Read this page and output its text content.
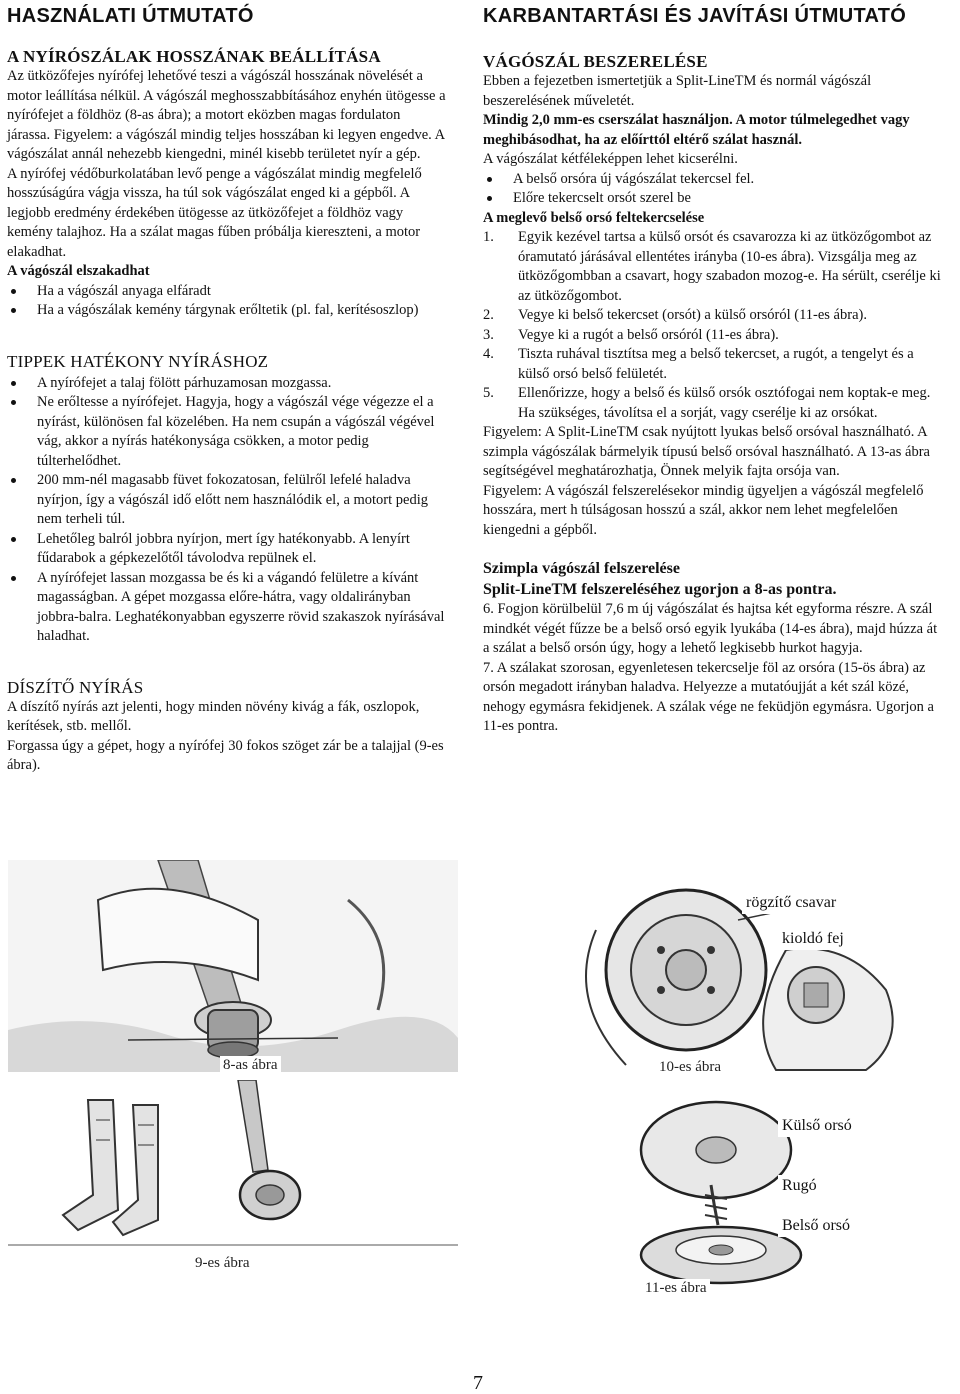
HASZNÁLATI ÚTMUTATÓ
A NYÍRÓSZÁLAK HOSSZÁNAK BEÁLLÍTÁSA

Az ütközőfejes nyírófej lehetővé teszi a vágószál hosszának növelését a motor leállítása nélkül. A vágószál meghosszabbításához enyhén ütögesse a nyírófejet a földhöz (8-as ábra); a motort eközben magas fordulaton járassa. Figyelem: a vágószál mindig teljes hosszában ki legyen engedve. A vágószálat annál nehezebb kiengedni, minél kisebb területet nyír a gép.

A nyírófej védőburkolatában levő penge a vágószálat mindig megfelelő hosszúságúra vágja vissza, ha túl sok vágószálat enged ki a gépből. A legjobb eredmény érdekében ütögesse az ütközőfejet a földhöz vagy kemény talajhoz. Ha a szálat magas fűben próbálja kiereszteni, a motor elakadhat.

A vágószál elszakadhat

Ha a vágószál anyaga elfáradt
Ha a vágószálak kemény tárgynak erőltetik (pl. fal, kerítésoszlop)
TIPPEK HATÉKONY NYÍRÁSHOZ
A nyírófejet a talaj fölött párhuzamosan mozgassa.
Ne erőltesse a nyírófejet. Hagyja, hogy a vágószál vége végezze el a nyírást, különösen fal közelében. Ha nem csupán a vágószál végével vág, akkor a nyírás hatékonysága csökken, a motor pedig túlterhelődhet.
200 mm-nél magasabb füvet fokozatosan, felülről lefelé haladva nyírjon, így a vágószál idő előtt nem használódik el, a motort pedig nem terheli túl.
Lehetőleg balról jobbra nyírjon, mert így hatékonyabb. A lenyírt fűdarabok a gépkezelőtől távolodva repülnek el.
A nyírófejet lassan mozgassa be és ki a vágandó felületre a kívánt magasságban. A gépet mozgassa előre-hátra, vagy oldalirányban jobbra-balra. Leghatékonyabban egyszerre rövid szakaszok nyírásával haladhat.
DÍSZÍTŐ NYÍRÁS

A díszítő nyírás azt jelenti, hogy minden növény kivág a fák, oszlopok, kerítések, stb. mellől.

Forgassa úgy a gépet, hogy a nyírófej 30 fokos szöget zár be a talajjal (9-es ábra).

KARBANTARTÁSI ÉS JAVÍTÁSI ÚTMUTATÓ
VÁGÓSZÁL BESZERELÉSE

Ebben a fejezetben ismertetjük a Split-LineTM és normál vágószál beszerelésének műveletét.

Mindig 2,0 mm-es cserszálat használjon. A motor túlmelegedhet vagy meghibásodhat, ha az előírttól eltérő szálat használ.

A vágószálat kétféleképpen lehet kicserélni.

A belső orsóra új vágószálat tekercsel fel.
Előre tekercselt orsót szerel be

A meglevő belső orsó feltekercselése

1. Egyik kezével tartsa a külső orsót és csavarozza ki az ütközőgombot az óramutató járásával ellentétes irányba (10-es ábra). Vizsgálja meg az ütközőgombban a csavart, hogy szabadon mozog-e. Ha sérült, cserélje ki az ütközőgombot.
2. Vegye ki belső tekercset (orsót) a külső orsóról (11-es ábra).
3. Vegye ki a rugót a belső orsóról (11-es ábra).
4. Tiszta ruhával tisztítsa meg a belső tekercset, a rugót, a tengelyt és a külső orsó belső felületét.
5. Ellenőrizze, hogy a belső és külső orsók osztófogai nem koptak-e meg. Ha szükséges, távolítsa el a sorját, vagy cserélje ki az orsókat.

Figyelem: A Split-LineTM csak nyújtott lyukas belső orsóval használható. A szimpla vágószálak bármelyik típusú belső orsóval használható. A 13-as ábra segítségével meghatározhatja, Önnek melyik fajta orsója van.

Figyelem: A vágószál felszerelésekor mindig ügyeljen a vágószál megfelelő hosszára, mert h túlságosan hosszú a szál, akkor nem lehet megfelelően kiengedni a gépből.

Szimpla vágószál felszerelése

Split-LineTM felszereléséhez ugorjon a 8-as pontra.

6. Fogjon körülbelül 7,6 m új vágószálat és hajtsa két egyforma részre. A szál mindkét végét fűzze be a belső orsó egyik lyukába (14-es ábra), majd húzza át a szálat a belső orsón úgy, hogy a lehető legkisebb hurkot hagyja.

7. A szálakat szorosan, egyenletesen tekercselje föl az orsóra (15-ös ábra) az orsón megadott irányban haladva. Helyezze a mutatóujját a két szál közé, nehogy egymásra fekidjenek. A szálak vége ne feküdjön egymásra. Ugorjon a 11-es pontra.

8-as ábra
rögzítő csavar
kioldó fej
10-es ábra
9-es ábra
Külső orsó
Rugó
Belső orsó
11-es ábra
7
